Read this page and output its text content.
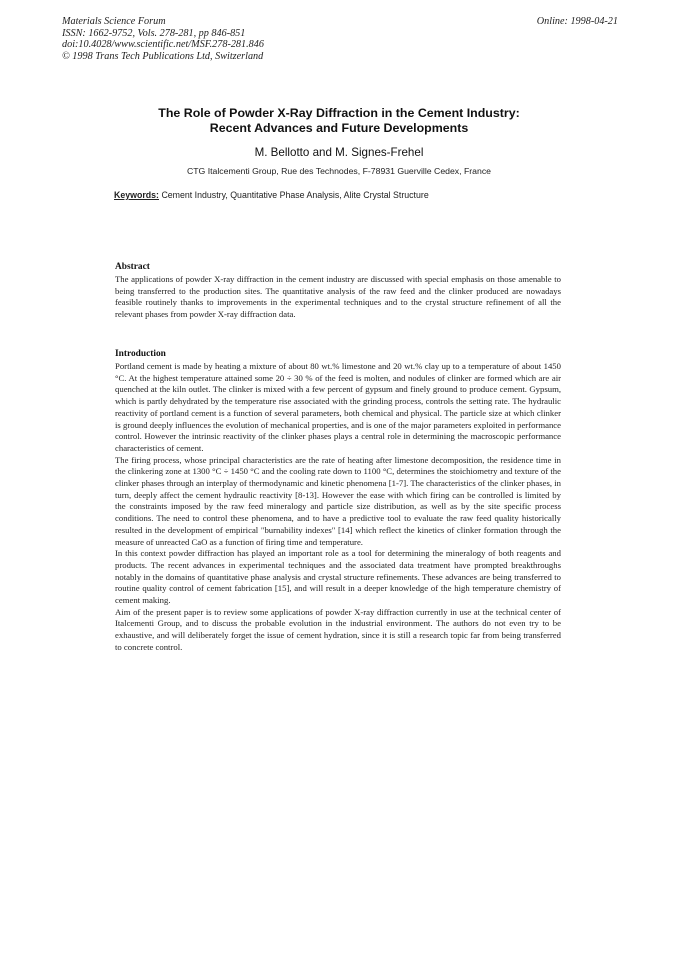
Materials Science Forum
ISSN: 1662-9752, Vols. 278-281, pp 846-851
doi:10.4028/www.scientific.net/MSF.278-281.846
© 1998 Trans Tech Publications Ltd, Switzerland
Online: 1998-04-21
The Role of Powder X-Ray Diffraction in the Cement Industry:
Recent Advances and Future Developments
M. Bellotto and M. Signes-Frehel
CTG Italcementi Group, Rue des Technodes, F-78931 Guerville Cedex, France
Keywords: Cement Industry, Quantitative Phase Analysis, Alite Crystal Structure
Abstract

The applications of powder X-ray diffraction in the cement industry are discussed with special emphasis on those amenable to being transferred to the production sites. The quantitative analysis of the raw feed and the clinker produced are nowadays feasible routinely thanks to improvements in the experimental techniques and to the crystal structure refinement of all the relevant phases from powder X-ray diffraction data.

Introduction

Portland cement is made by heating a mixture of about 80 wt.% limestone and 20 wt.% clay up to a temperature of about 1450 °C. At the highest temperature attained some 20 ÷ 30 % of the feed is molten, and nodules of clinker are formed which are air quenched at the kiln outlet. The clinker is mixed with a few percent of gypsum and finely ground to produce cement. Gypsum, which is partly dehydrated by the temperature rise associated with the grinding process, controls the setting rate. The hydraulic reactivity of portland cement is a function of several parameters, both chemical and physical. The particle size at which clinker is ground deeply influences the evolution of mechanical properties, and is one of the major parameters exploited in performance control. However the intrinsic reactivity of the clinker phases plays a central role in determining the macroscopic performance characteristics of cement.

The firing process, whose principal characteristics are the rate of heating after limestone decomposition, the residence time in the clinkering zone at 1300 °C ÷ 1450 °C and the cooling rate down to 1100 °C, determines the stoichiometry and texture of the clinker phases through an interplay of thermodynamic and kinetic phenomena [1-7]. The characteristics of the clinker phases, in turn, deeply affect the cement hydraulic reactivity [8-13]. However the ease with which firing can be controlled is limited by the constraints imposed by the raw feed mineralogy and particle size distribution, as well as by the site specific process conditions. The need to control these phenomena, and to have a predictive tool to evaluate the raw feed quality historically resulted in the development of empirical "burnability indexes" [14] which reflect the kinetics of clinker formation through the measure of unreacted CaO as a function of firing time and temperature.

In this context powder diffraction has played an important role as a tool for determining the mineralogy of both reagents and products. The recent advances in experimental techniques and the associated data treatment have prompted breakthroughs notably in the domains of quantitative phase analysis and crystal structure refinements. These advances are being transferred to routine quality control of cement fabrication [15], and will result in a deeper knowledge of the high temperature chemistry of cement making.

Aim of the present paper is to review some applications of powder X-ray diffraction currently in use at the technical center of Italcementi Group, and to discuss the probable evolution in the industrial environment. The authors do not even try to be exhaustive, and will deliberately forget the issue of cement hydration, since it is still a research topic far from being transferred to concrete control.
